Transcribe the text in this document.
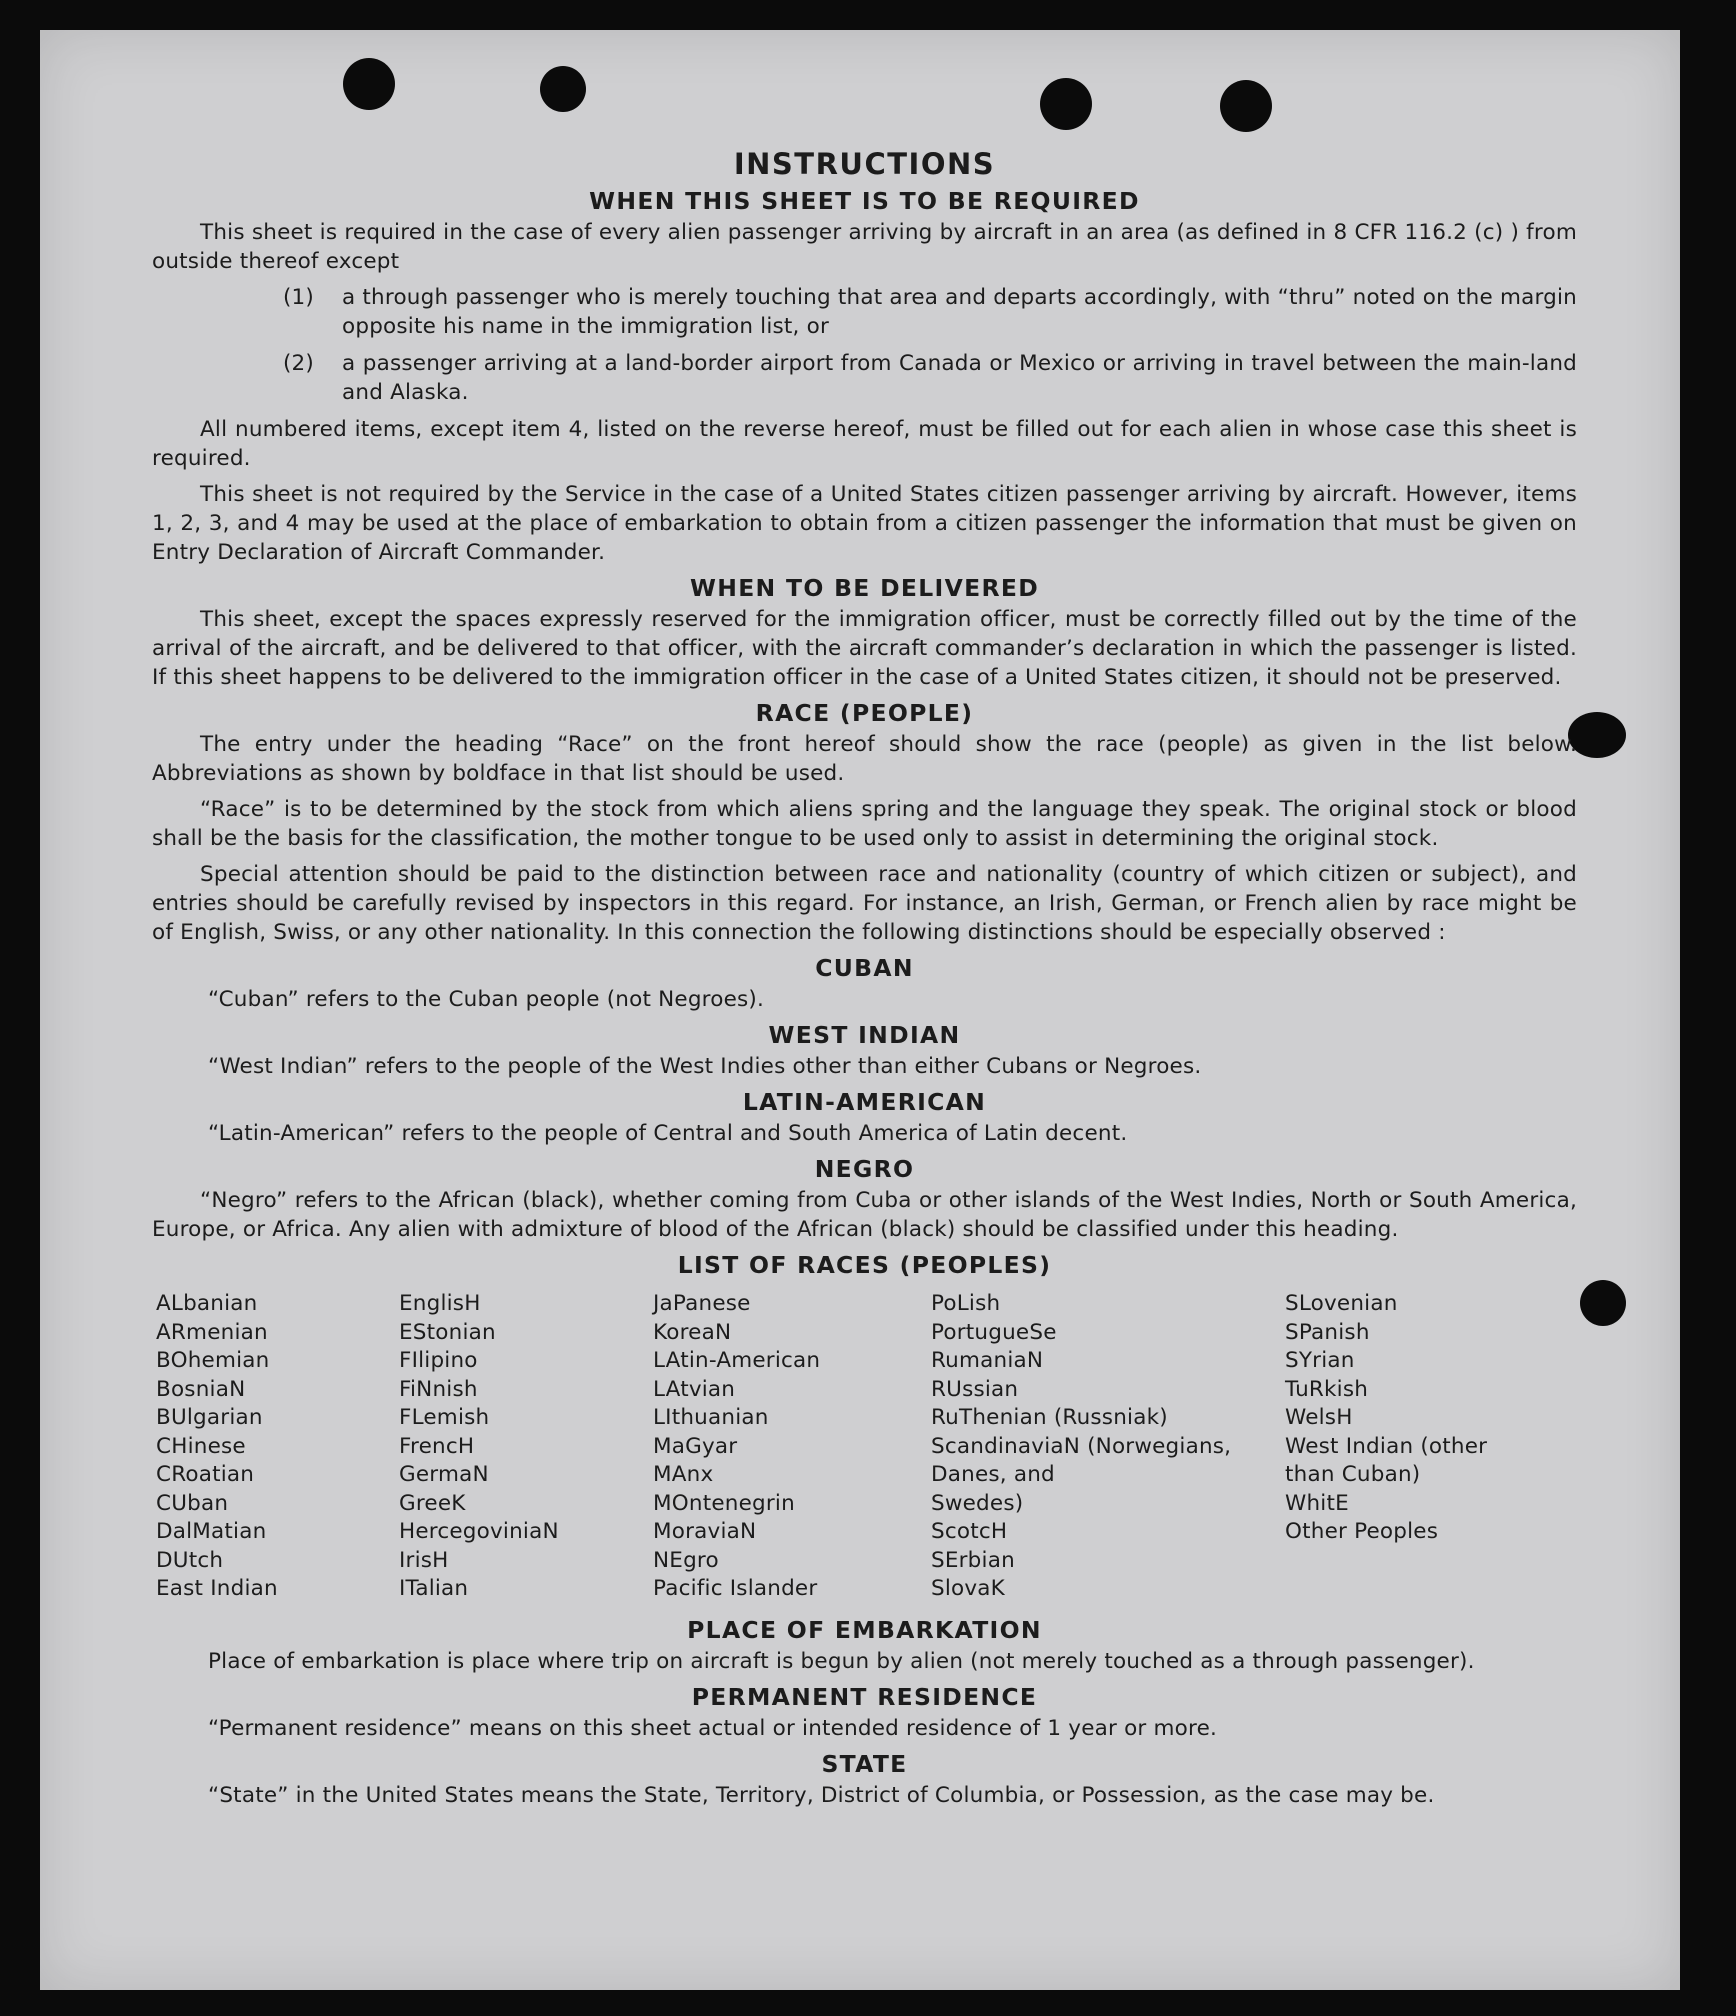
INSTRUCTIONS
WHEN THIS SHEET IS TO BE REQUIRED
This sheet is required in the case of every alien passenger arriving by aircraft in an area (as defined in 8 CFR 116.2 (c) ) from outside thereof except
(1)	a through passenger who is merely touching that area and departs accordingly, with “thru” noted on the margin opposite his name in the immigration list, or
(2)	a passenger arriving at a land-border airport from Canada or Mexico or arriving in travel between the main-land and Alaska.
All numbered items, except item 4, listed on the reverse hereof, must be filled out for each alien in whose case this sheet is required.
This sheet is not required by the Service in the case of a United States citizen passenger arriving by aircraft. However, items 1, 2, 3, and 4 may be used at the place of embarkation to obtain from a citizen passenger the information that must be given on Entry Declaration of Aircraft Commander.
WHEN TO BE DELIVERED
This sheet, except the spaces expressly reserved for the immigration officer, must be correctly filled out by the time of the arrival of the aircraft, and be delivered to that officer, with the aircraft commander’s declaration in which the passenger is listed. If this sheet happens to be delivered to the immigration officer in the case of a United States citizen, it should not be preserved.
RACE (PEOPLE)
The entry under the heading “Race” on the front hereof should show the race (people) as given in the list below. Abbreviations as shown by boldface in that list should be used.
“Race” is to be determined by the stock from which aliens spring and the language they speak. The original stock or blood shall be the basis for the classification, the mother tongue to be used only to assist in determining the original stock.
Special attention should be paid to the distinction between race and nationality (country of which citizen or subject), and entries should be carefully revised by inspectors in this regard. For instance, an Irish, German, or French alien by race might be of English, Swiss, or any other nationality. In this connection the following distinctions should be especially observed :
CUBAN
“Cuban” refers to the Cuban people (not Negroes).
WEST INDIAN
“West Indian” refers to the people of the West Indies other than either Cubans or Negroes.
LATIN-AMERICAN
“Latin-American” refers to the people of Central and South America of Latin decent.
NEGRO
“Negro” refers to the African (black), whether coming from Cuba or other islands of the West Indies, North or South America, Europe, or Africa. Any alien with admixture of blood of the African (black) should be classified under this heading.
LIST OF RACES (PEOPLES)
ALbanian
ARmenian
BOhemian
BosniaN
BUlgarian
CHinese
CRoatian
CUban
DalMatian
DUtch
East Indian
EnglisH
EStonian
FIlipino
FiNnish
FLemish
FrencH
GermaN
GreeK
HercegoviniaN
IrisH
ITalian
JaPanese
KoreaN
LAtin-American
LAtvian
LIthuanian
MaGyar
MAnx
MOntenegrin
MoraviaN
NEgro
Pacific Islander
PoLish
PortugueSe
RumaniaN
RUssian
RuThenian (Russniak)
ScandinaviaN (Norwegians,
Danes, and
Swedes)
ScotcH
SErbian
SlovaK
SLovenian
SPanish
SYrian
TuRkish
WelsH
West Indian (other
than Cuban)
WhitE
Other Peoples
PLACE OF EMBARKATION
Place of embarkation is place where trip on aircraft is begun by alien (not merely touched as a through passenger).
PERMANENT RESIDENCE
“Permanent residence” means on this sheet actual or intended residence of 1 year or more.
STATE
“State” in the United States means the State, Territory, District of Columbia, or Possession, as the case may be.
